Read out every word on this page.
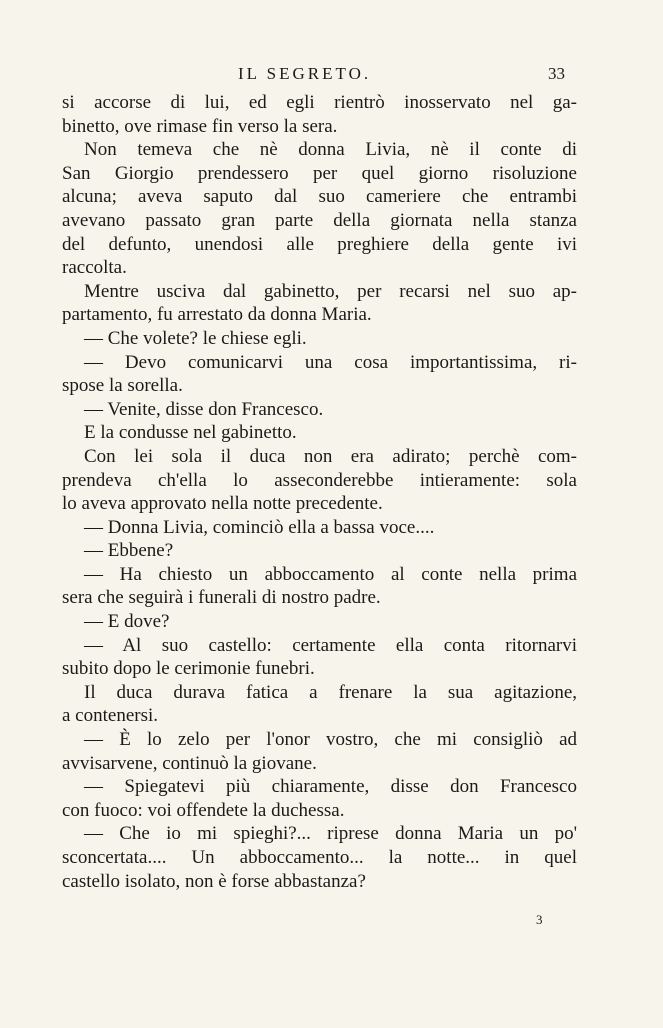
IL SEGRETO.	33
si accorse di lui, ed egli rientrò inosservato nel ga-
binetto, ove rimase fin verso la sera.
Non temeva che nè donna Livia, nè il conte di
San Giorgio prendessero per quel giorno risoluzione
alcuna; aveva saputo dal suo cameriere che entrambi
avevano passato gran parte della giornata nella stanza
del defunto, unendosi alle preghiere della gente ivi
raccolta.
Mentre usciva dal gabinetto, per recarsi nel suo ap-
partamento, fu arrestato da donna Maria.
— Che volete? le chiese egli.
— Devo comunicarvi una cosa importantissima, ri-
spose la sorella.
— Venite, disse don Francesco.
E la condusse nel gabinetto.
Con lei sola il duca non era adirato; perchè com-
prendeva ch'ella lo asseconderebbe intieramente: sola
lo aveva approvato nella notte precedente.
— Donna Livia, cominciò ella a bassa voce....
— Ebbene?
— Ha chiesto un abboccamento al conte nella prima
sera che seguirà i funerali di nostro padre.
— E dove?
— Al suo castello: certamente ella conta ritornarvi
subito dopo le cerimonie funebri.
Il duca durava fatica a frenare la sua agitazione,
a contenersi.
— È lo zelo per l'onor vostro, che mi consigliò ad
avvisarvene, continuò la giovane.
— Spiegatevi più chiaramente, disse don Francesco
con fuoco: voi offendete la duchessa.
— Che io mi spieghi?... riprese donna Maria un po'
sconcertata.... Un abboccamento... la notte... in quel
castello isolato, non è forse abbastanza?
3
